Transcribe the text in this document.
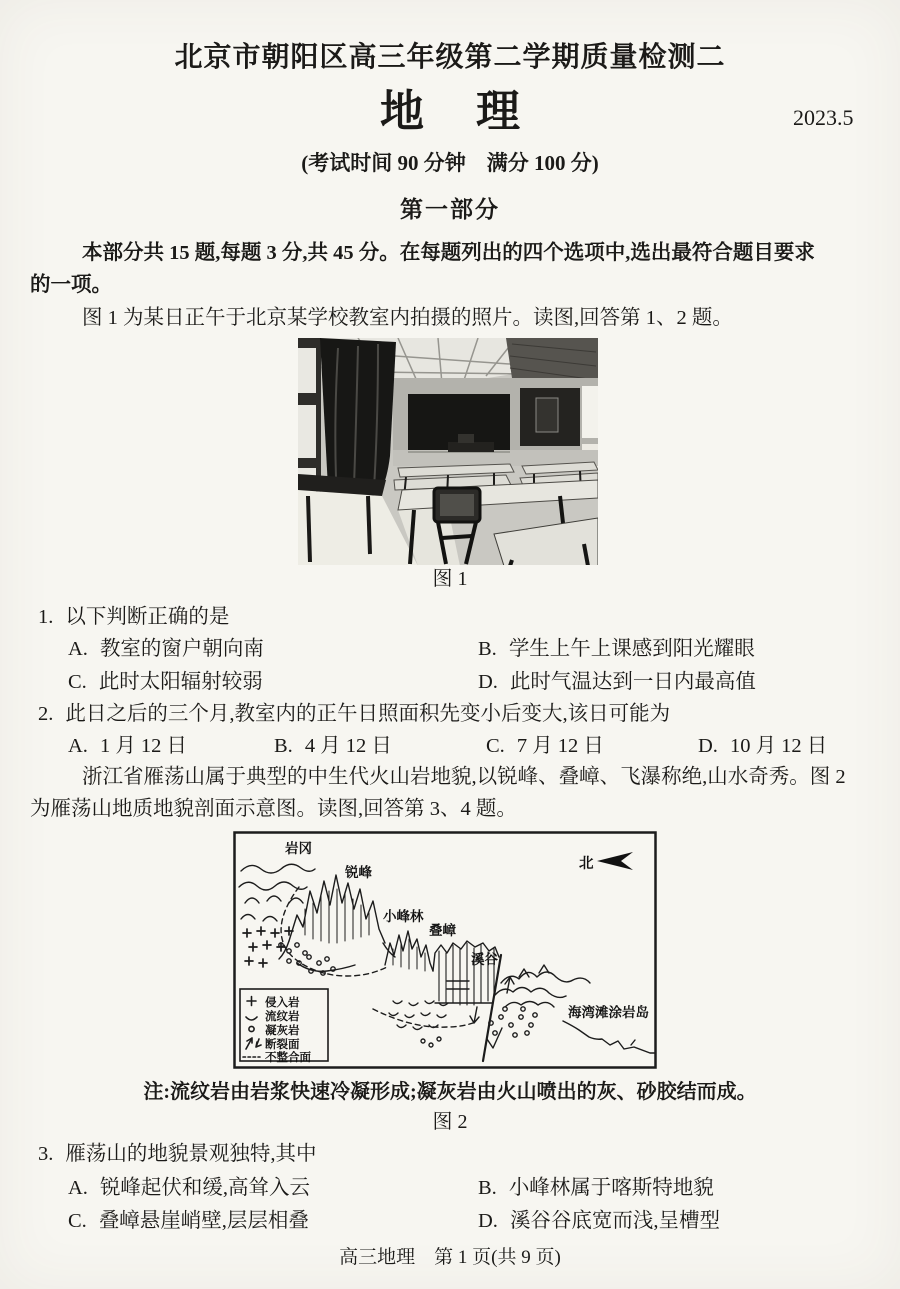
北京市朝阳区高三年级第二学期质量检测二
地　理	2023.5
(考试时间 90 分钟　满分 100 分)
第一部分
本部分共 15 题,每题 3 分,共 45 分。在每题列出的四个选项中,选出最符合题目要求
的一项。
图 1 为某日正午于北京某学校教室内拍摄的照片。读图,回答第 1、2 题。
图 1
1. 以下判断正确的是
A. 教室的窗户朝向南	B. 学生上午上课感到阳光耀眼
C. 此时太阳辐射较弱	D. 此时气温达到一日内最高值
2. 此日之后的三个月,教室内的正午日照面积先变小后变大,该日可能为
A. 1 月 12 日	B. 4 月 12 日	C. 7 月 12 日	D. 10 月 12 日
浙江省雁荡山属于典型的中生代火山岩地貌,以锐峰、叠嶂、飞瀑称绝,山水奇秀。图 2
为雁荡山地质地貌剖面示意图。读图,回答第 3、4 题。
北
岩冈
锐峰
小峰林
叠嶂
溪谷
海湾滩涂岩岛
侵入岩
流纹岩
凝灰岩
断裂面
不整合面
注:流纹岩由岩浆快速冷凝形成;凝灰岩由火山喷出的灰、砂胶结而成。
图 2
3. 雁荡山的地貌景观独特,其中
A. 锐峰起伏和缓,高耸入云	B. 小峰林属于喀斯特地貌
C. 叠嶂悬崖峭壁,层层相叠	D. 溪谷谷底宽而浅,呈槽型
高三地理　第 1 页(共 9 页)
